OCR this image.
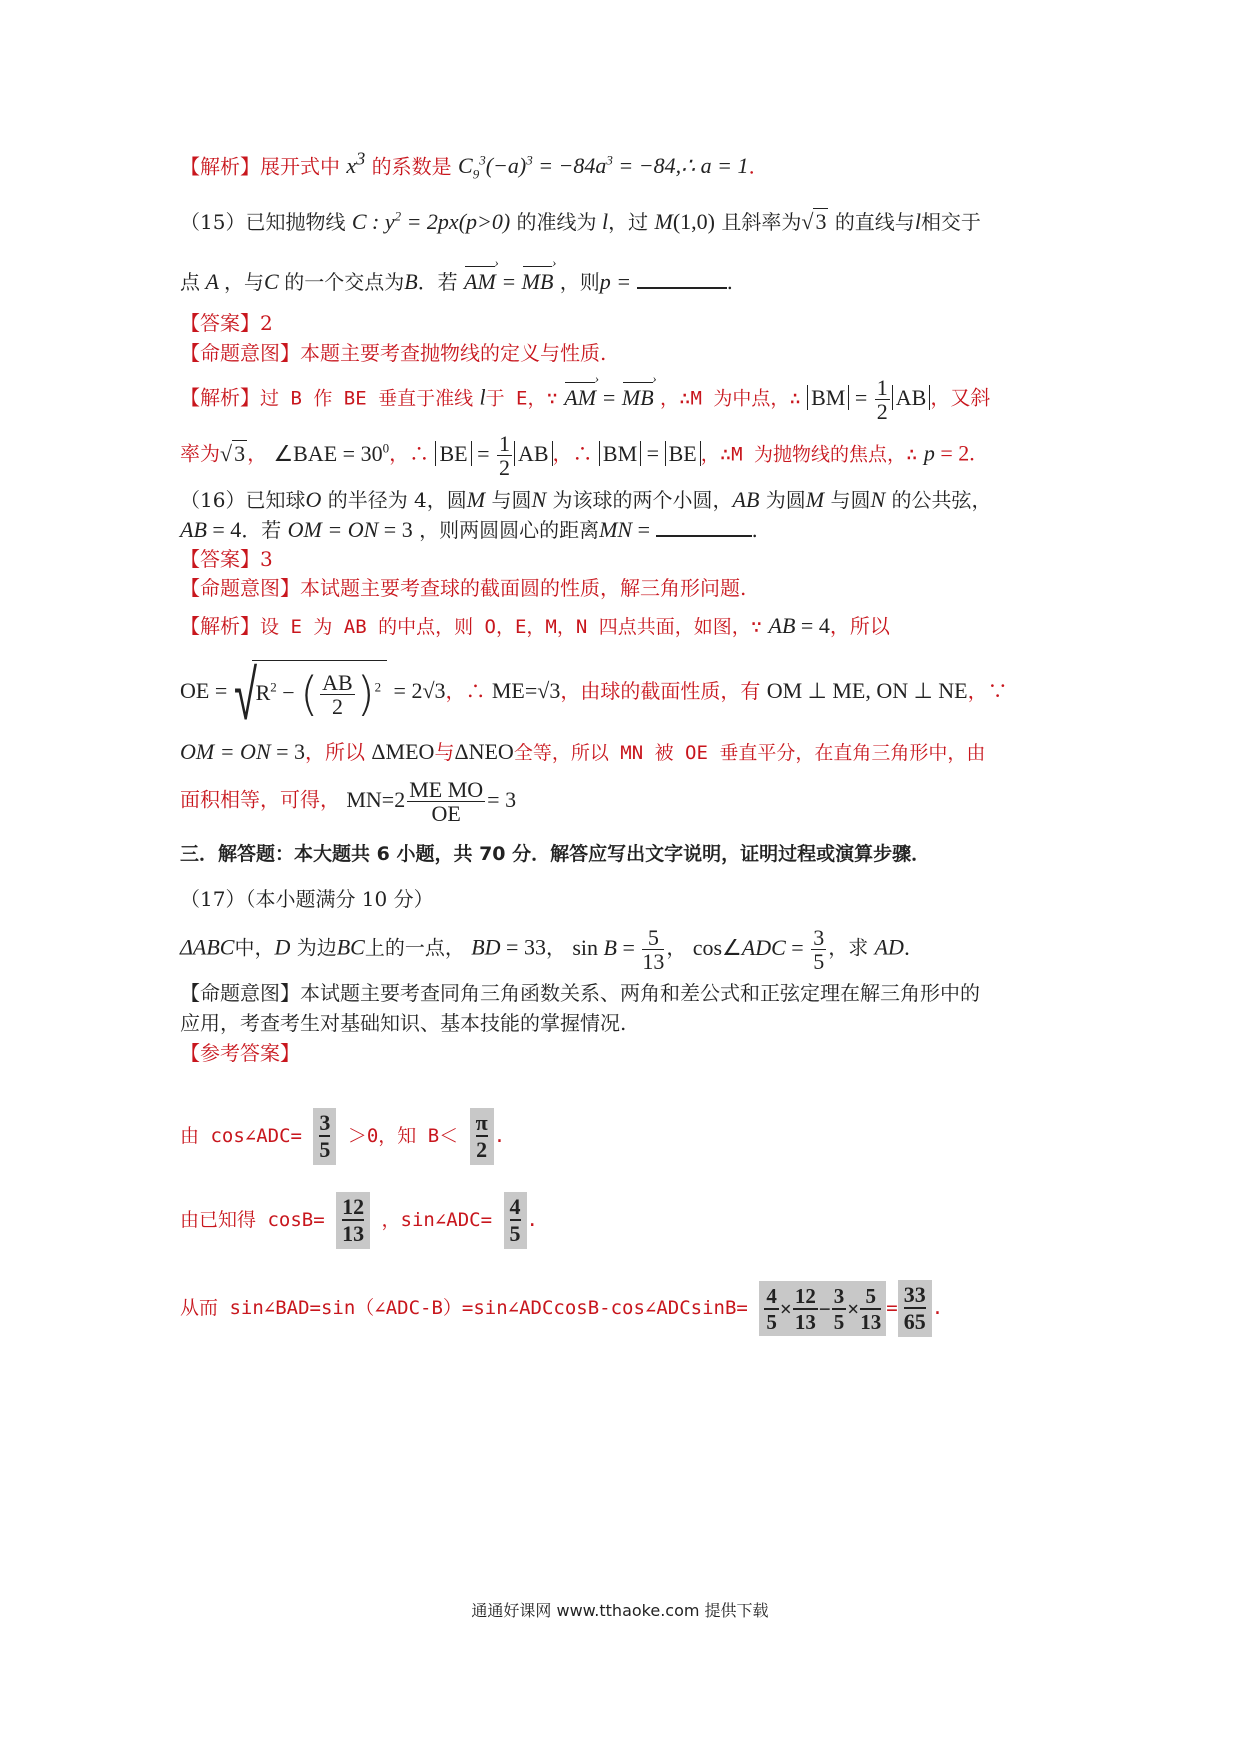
【解析】展开式中 $x^3$ 的系数是 $C_9^3(-a)^3 = -84a^3$ = −84,∴ a = 1.
（15）已知抛物线 C : $y^2 = 2px(p>0)$ 的准线为 l，过 M(1,0) 且斜率为√3 的直线与l相交于
点 A ，与C 的一个交点为B．若 AM › = MB › ，则p =	.
【答案】2
【命题意图】本题主要考查抛物线的定义与性质.
【解析】过 B 作 BE 垂直于准线 l于 E，∵ AM › = MB › ，∴M 为中点，∴ BM = $\frac{1}{2}$ AB ，又斜
率为√3 ， ∠BAE = $30^0$，∴ BE = $\frac{1}{2}$ AB ，∴ BM = BE ，∴M 为抛物线的焦点，∴ p = 2.
（16）已知球O 的半径为 4，圆M 与圆N 为该球的两个小圆，AB 为圆M 与圆N 的公共弦，
AB = 4．若 OM = ON = 3 ，则两圆圆心的距离MN =	.
【答案】3
【命题意图】本试题主要考查球的截面圆的性质，解三角形问题.
【解析】设 E 为 AB 的中点，则 O，E，M，N 四点共面，如图，∵ AB = 4，所以
OE = √
$R^2$ − ( $\frac{AB}{2} )^2 = 2√3$，∴ ME=√3，由球的截面性质，有 OM ⊥ ME, ON ⊥ NE，∵
OM = ON = 3，所以 ΔMEO与ΔNEO全等，所以 MN 被 OE 垂直平分，在直角三角形中，由
面积相等，可得， $MN=2 \frac{\text{ME MO}}{OE} = 3$
三．解答题：本大题共 6 小题，共 70 分．解答应写出文字说明，证明过程或演算步骤．
（17）（本小题满分 10 分）
ΔABC中，D 为边BC上的一点， BD = 33， $\sin B = \frac{5}{13}$ ， cos∠ADC = $\frac{3}{5}$ ，求 AD．
【命题意图】本试题主要考查同角三角函数关系、两角和差公式和正弦定理在解三角形中的
应用，考查考生对基础知识、基本技能的掌握情况.
【参考答案】
由 cos∠ADC= $\frac{3}{5} >0$，知 $B< \frac{\pi}{2}$ .
由已知得 $\cos B= \frac{12}{13}$ ，sin∠ADC= $\frac{4}{5}$ .
从而 sin∠BAD=sin（∠ADC-B）=sin∠ADCcosB-cos∠ADCsinB= $\frac{4}{5} \times \frac{12}{13} - \frac{3}{5} \times \frac{5}{13} = \frac{33}{65}$ .
通通好课网 www.tthaoke.com 提供下载
